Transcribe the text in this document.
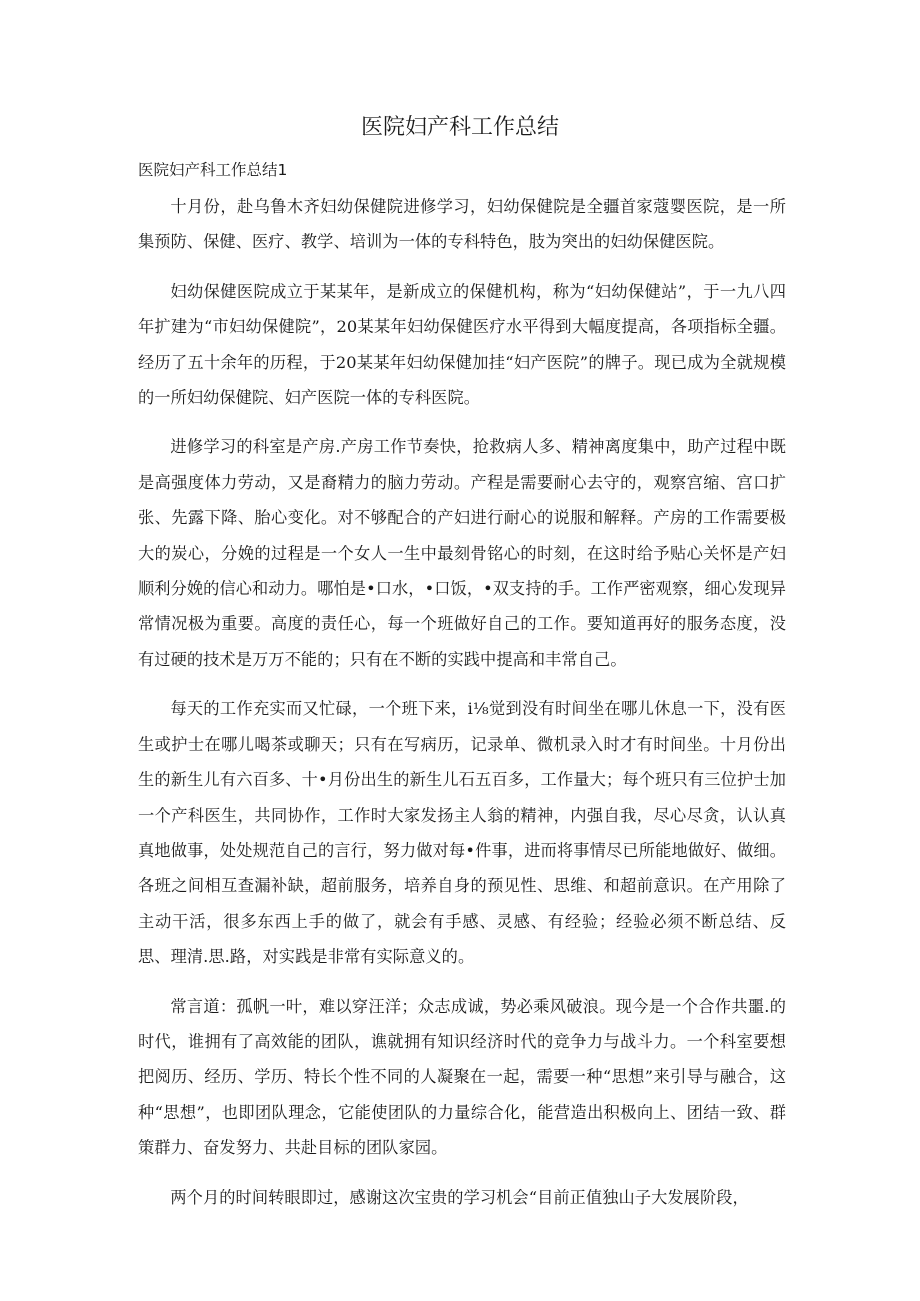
医院妇产科工作总结

医院妇产科工作总结1

十月份，赴乌鲁木齐妇幼保健院进修学习，妇幼保健院是全疆首家蔻婴医院，是一所集预防、保健、医疗、教学、培训为一体的专科特色，肢为突出的妇幼保健医院。

妇幼保健医院成立于某某年，是新成立的保健机构，称为“妇幼保健站”，于一九八四年扩建为“市妇幼保健院”，20某某年妇幼保健医疗水平得到大幅度提高，各项指标全疆。经历了五十余年的历程，于20某某年妇幼保健加挂“妇产医院”的牌子。现已成为全就规模的一所妇幼保健院、妇产医院一体的专科医院。

进修学习的科室是产房.产房工作节奏快，抢救病人多、精神离度集中，助产过程中既是高强度体力劳动，又是裔精力的脑力劳动。产程是需要耐心去守的，观察宫缩、宫口扩张、先露下降、胎心变化。对不够配合的产妇进行耐心的说服和解释。产房的工作需要极大的炭心，分娩的过程是一个女人一生中最刻骨铭心的时刻，在这时给予贴心关怀是产妇顺利分娩的信心和动力。哪怕是•口水，•口饭，•双支持的手。工作严密观察，细心发现异常情况极为重要。高度的责任心，每一个班做好自己的工作。要知道再好的服务态度，没有过硬的技术是万万不能的；只有在不断的实践中提高和丰常自己。

每天的工作充实而又忙碌，一个班下来，i⅛觉到没有时间坐在哪儿休息一下，没有医生或护士在哪儿喝茶或聊天；只有在写病历，记录单、微机录入时才有时间坐。十月份出生的新生儿有六百多、十•月份出生的新生儿石五百多，工作量大；每个班只有三位护士加一个产科医生，共同协作，工作时大家发扬主人翁的精神，内强自我，尽心尽贪，认认真真地做事，处处规范自己的言行，努力做对每•件事，进而将事情尽已所能地做好、做细。各班之间相互查漏补缺，超前服务，培养自身的预见性、思维、和超前意识。在产用除了主动干活，很多东西上手的做了，就会有手感、灵感、有经验；经验必须不断总结、反思、理清.思.路，对实践是非常有实际意义的。

常言道：孤帆一叶，难以穿汪洋；众志成诚，势必乘风破浪。现今是一个合作共噩.的时代，谁拥有了高效能的团队，谯就拥有知识经济时代的竞争力与战斗力。一个科室要想把阅历、经历、学历、特长个性不同的人凝聚在一起，需要一种“思想”来引导与融合，这种“思想”，也即团队理念，它能使团队的力量综合化，能营造出积极向上、团结一致、群策群力、奋发努力、共赴目标的团队家园。

两个月的时间转眼即过，感谢这次宝贵的学习机会“目前正值独山子大发展阶段，
